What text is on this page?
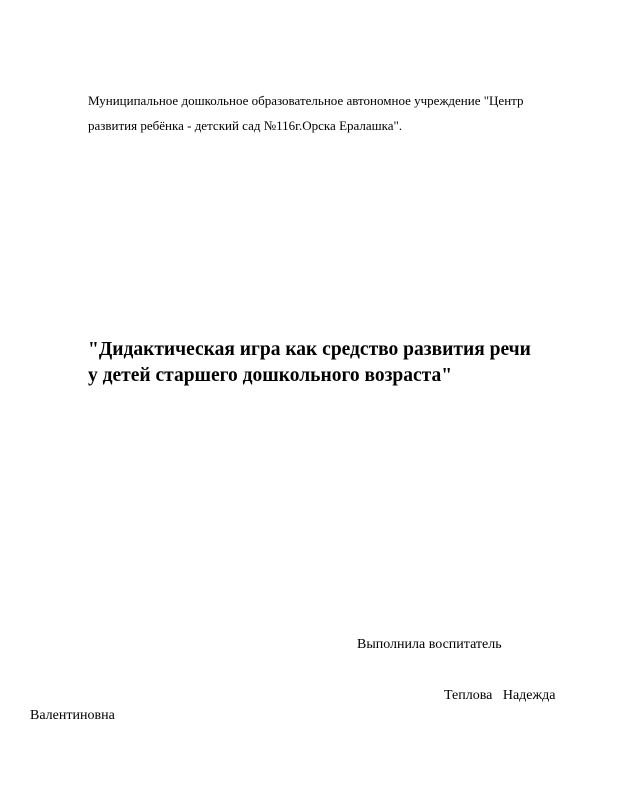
Муниципальное дошкольное образовательное автономное учреждение "Центр
развития ребёнка - детский сад №116г.Орска Ералашка".
"Дидактическая игра как средство развития речи
у детей старшего дошкольного возраста"
Выполнила воспитатель
Теплова   Надежда
Валентиновна
